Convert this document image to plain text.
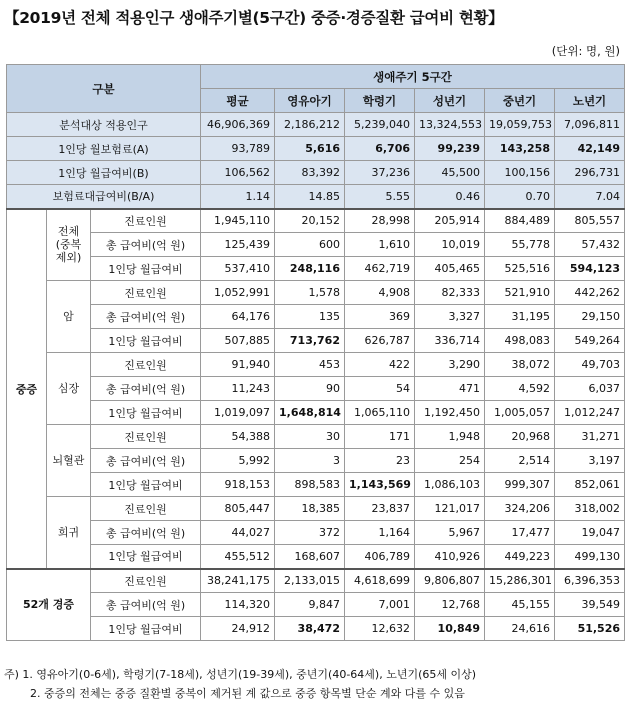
【2019년 전체 적용인구 생애주기별(5구간) 중증·경증질환 급여비 현황】
(단위: 명, 원)
구분			생애주기 5구간					
			평균	영유아기	학령기	성년기	중년기	노년기
분석대상 적용인구			46,906,369	2,186,212	5,239,040	13,324,553	19,059,753	7,096,811
1인당 월보험료(A)			93,789	5,616	6,706	99,239	143,258	42,149
1인당 월급여비(B)			106,562	83,392	37,236	45,500	100,156	296,731
보험료대급여비(B/A)			1.14	14.85	5.55	0.46	0.70	7.04
중증	전체 (중복 제외)	진료인원	1,945,110	20,152	28,998	205,914	884,489	805,557
		총 급여비(억 원)	125,439	600	1,610	10,019	55,778	57,432
		1인당 월급여비	537,410	248,116	462,719	405,465	525,516	594,123
	암	진료인원	1,052,991	1,578	4,908	82,333	521,910	442,262
		총 급여비(억 원)	64,176	135	369	3,327	31,195	29,150
		1인당 월급여비	507,885	713,762	626,787	336,714	498,083	549,264
	심장	진료인원	91,940	453	422	3,290	38,072	49,703
		총 급여비(억 원)	11,243	90	54	471	4,592	6,037
		1인당 월급여비	1,019,097	1,648,814	1,065,110	1,192,450	1,005,057	1,012,247
	뇌혈관	진료인원	54,388	30	171	1,948	20,968	31,271
		총 급여비(억 원)	5,992	3	23	254	2,514	3,197
		1인당 월급여비	918,153	898,583	1,143,569	1,086,103	999,307	852,061
	희귀	진료인원	805,447	18,385	23,837	121,017	324,206	318,002
		총 급여비(억 원)	44,027	372	1,164	5,967	17,477	19,047
		1인당 월급여비	455,512	168,607	406,789	410,926	449,223	499,130
52개 경증		진료인원	38,241,175	2,133,015	4,618,699	9,806,807	15,286,301	6,396,353
		총 급여비(억 원)	114,320	9,847	7,001	12,768	45,155	39,549
		1인당 월급여비	24,912	38,472	12,632	10,849	24,616	51,526
주) 1. 영유아기(0-6세), 학령기(7-18세), 성년기(19-39세), 중년기(40-64세), 노년기(65세 이상)
2. 중증의 전체는 중증 질환별 중복이 제거된 계 값으로 중증 항목별 단순 계와 다를 수 있음
